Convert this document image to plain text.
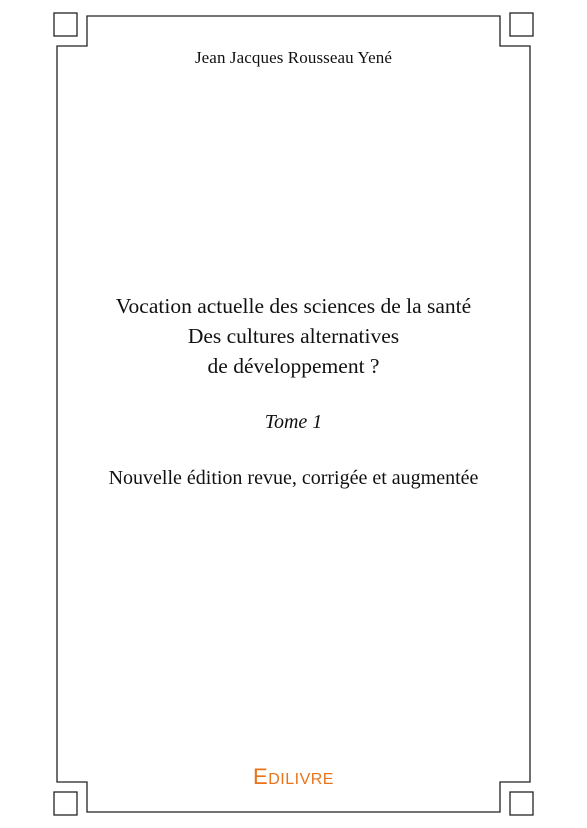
Jean Jacques Rousseau Yené
Vocation actuelle des sciences de la santé
Des cultures alternatives
de développement ?
Tome 1
Nouvelle édition revue, corrigée et augmentée
EDILIVRE
